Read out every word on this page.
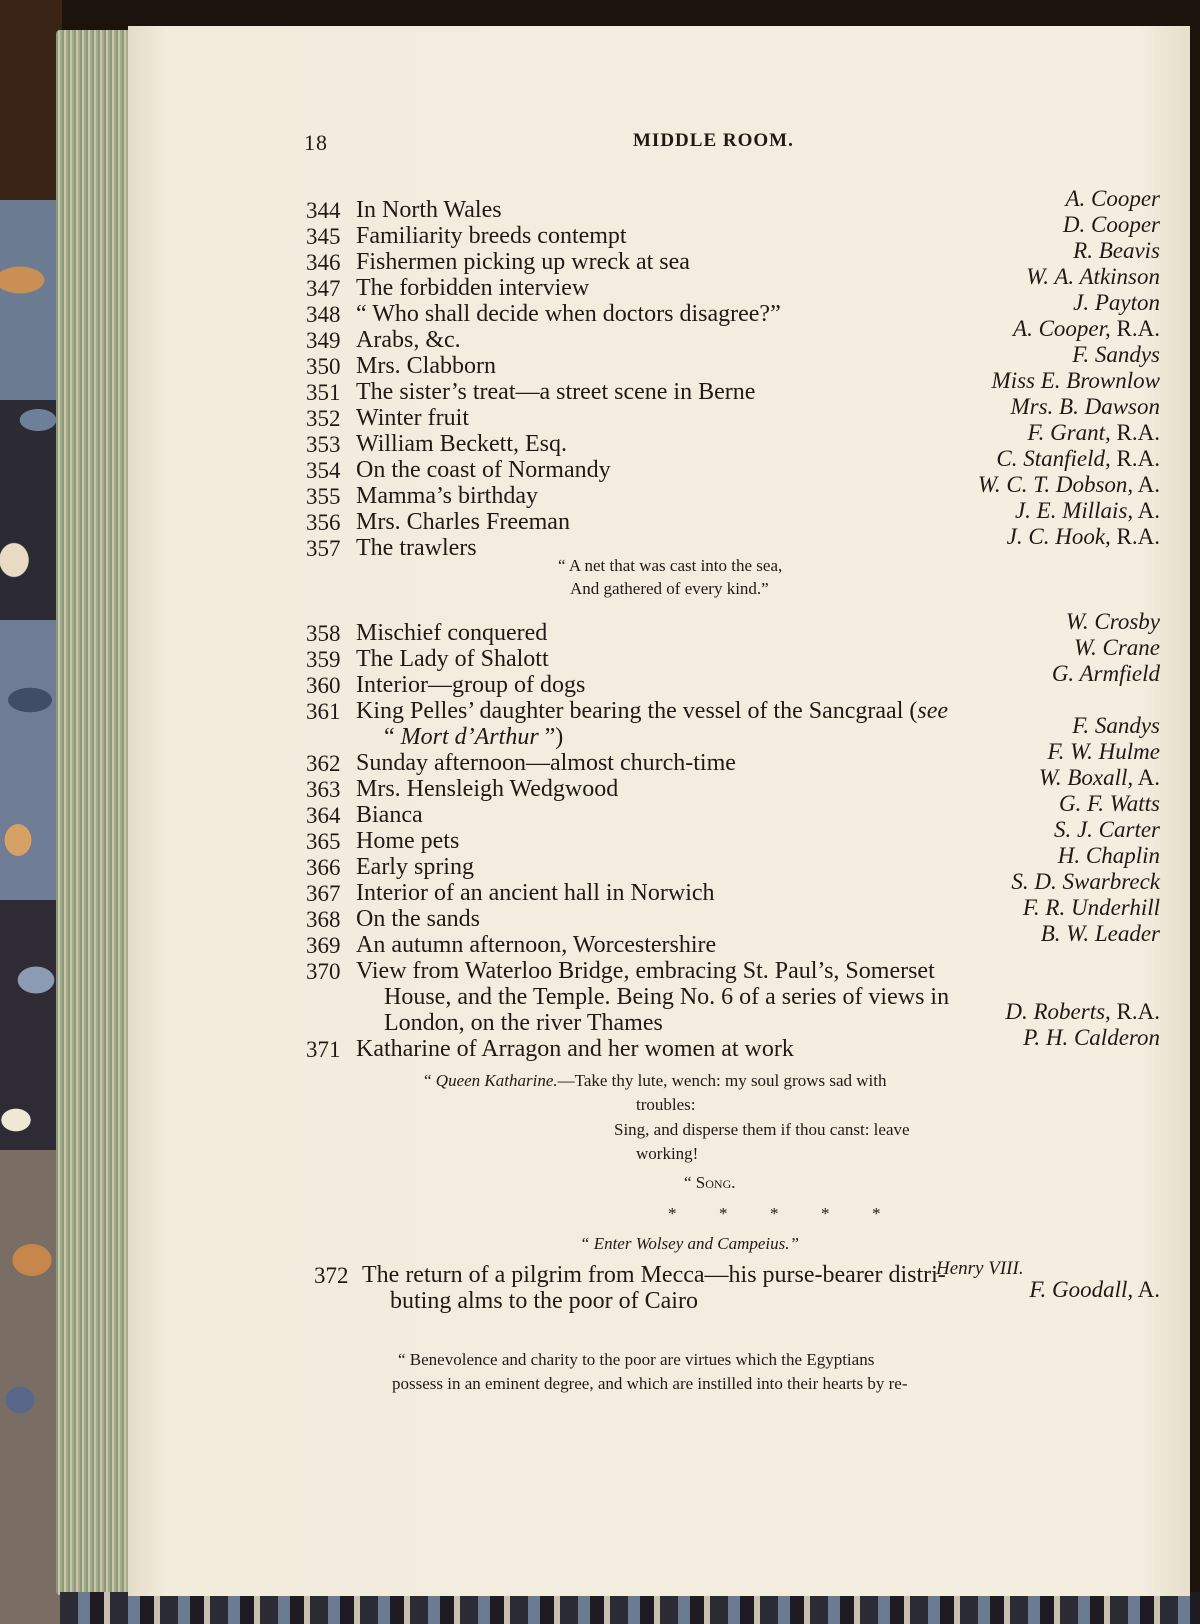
18	MIDDLE ROOM.
344 In North Wales	A. Cooper
345 Familiarity breeds contempt	D. Cooper
346 Fishermen picking up wreck at sea	R. Beavis
347 The forbidden interview	W. A. Atkinson
348 “ Who shall decide when doctors disagree?”	J. Payton
349 Arabs, &c.	A. Cooper, R.A.
350 Mrs. Clabborn	F. Sandys
351 The sister’s treat—a street scene in Berne	Miss E. Brownlow
352 Winter fruit	Mrs. B. Dawson
353 William Beckett, Esq.	F. Grant, R.A.
354 On the coast of Normandy	C. Stanfield, R.A.
355 Mamma’s birthday	W. C. T. Dobson, A.
356 Mrs. Charles Freeman	J. E. Millais, A.
357 The trawlers	J. C. Hook, R.A.
358 Mischief conquered	W. Crosby
359 The Lady of Shalott	W. Crane
360 Interior—group of dogs	G. Armfield
361 King Pelles’ daughter bearing the vessel of the Sancgraal (see
“ Mort d’Arthur ”)	F. Sandys
362 Sunday afternoon—almost church-time	F. W. Hulme
363 Mrs. Hensleigh Wedgwood	W. Boxall, A.
364 Bianca	G. F. Watts
365 Home pets	S. J. Carter
366 Early spring	H. Chaplin
367 Interior of an ancient hall in Norwich	S. D. Swarbreck
368 On the sands	F. R. Underhill
369 An autumn afternoon, Worcestershire	B. W. Leader
370 View from Waterloo Bridge, embracing St. Paul’s, Somerset
House, and the Temple. Being No. 6 of a series of views in
London, on the river Thames	D. Roberts, R.A.
371 Katharine of Arragon and her women at work	P. H. Calderon
372 The return of a pilgrim from Mecca—his purse-bearer distri-
buting alms to the poor of Cairo	F. Goodall, A.
“ A net that was cast into the sea,
And gathered of every kind.”
“ Queen Katharine.—Take thy lute, wench: my soul grows sad with
troubles:
Sing, and disperse them if thou canst: leave
working!
“ Song.
*          *          *          *          *
“ Enter Wolsey and Campeius.”
Henry VIII.
“ Benevolence and charity to the poor are virtues which the Egyptians
possess in an eminent degree, and which are instilled into their hearts by re-
